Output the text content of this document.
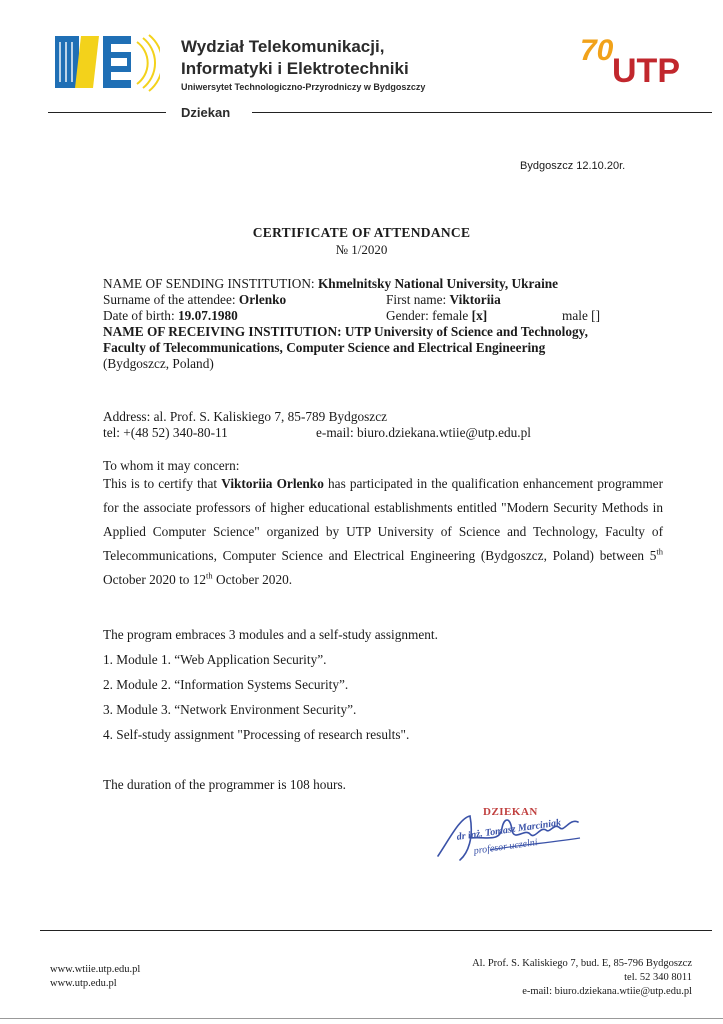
Wydział Telekomunikacji,
Informatyki i Elektrotechniki
Uniwersytet Technologiczno-Przyrodniczy w Bydgoszczy
70
UTP
Dziekan
Bydgoszcz 12.10.20r.
CERTIFICATE OF ATTENDANCE
№ 1/2020
NAME OF SENDING INSTITUTION: Khmelnitsky National University, Ukraine
Surname of the attendee: Orlenko	First name: Viktoriia
Date of birth: 19.07.1980	Gender: female [x]	male []
NAME OF RECEIVING INSTITUTION: UTP University of Science and Technology,
Faculty of Telecommunications, Computer Science and Electrical Engineering
(Bydgoszcz, Poland)
Address: al. Prof. S. Kaliskiego 7, 85-789 Bydgoszcz
tel: +(48 52) 340-80-11	e-mail: biuro.dziekana.wtiie@utp.edu.pl
To whom it may concern:

This is to certify that Viktoriia Orlenko has participated in the qualification enhancement programmer for the associate professors of higher educational establishments entitled "Modern Security Methods in Applied Computer Science" organized by UTP University of Science and Technology, Faculty of Telecommunications, Computer Science and Electrical Engineering (Bydgoszcz, Poland) between 5th October 2020 to 12th October 2020.

The program embraces 3 modules and a self-study assignment.
1. Module 1. “Web Application Security”.
2. Module 2. “Information Systems Security”.
3. Module 3. “Network Environment Security”.
4. Self-study assignment "Processing of research results".
The duration of the programmer is 108 hours.
DZIEKAN
dr inż. Tomasz Marciniak
profesor uczelni
www.wtiie.utp.edu.pl
www.utp.edu.pl
Al. Prof. S. Kaliskiego 7, bud. E, 85-796 Bydgoszcz
tel. 52 340 8011
e-mail: biuro.dziekana.wtiie@utp.edu.pl
